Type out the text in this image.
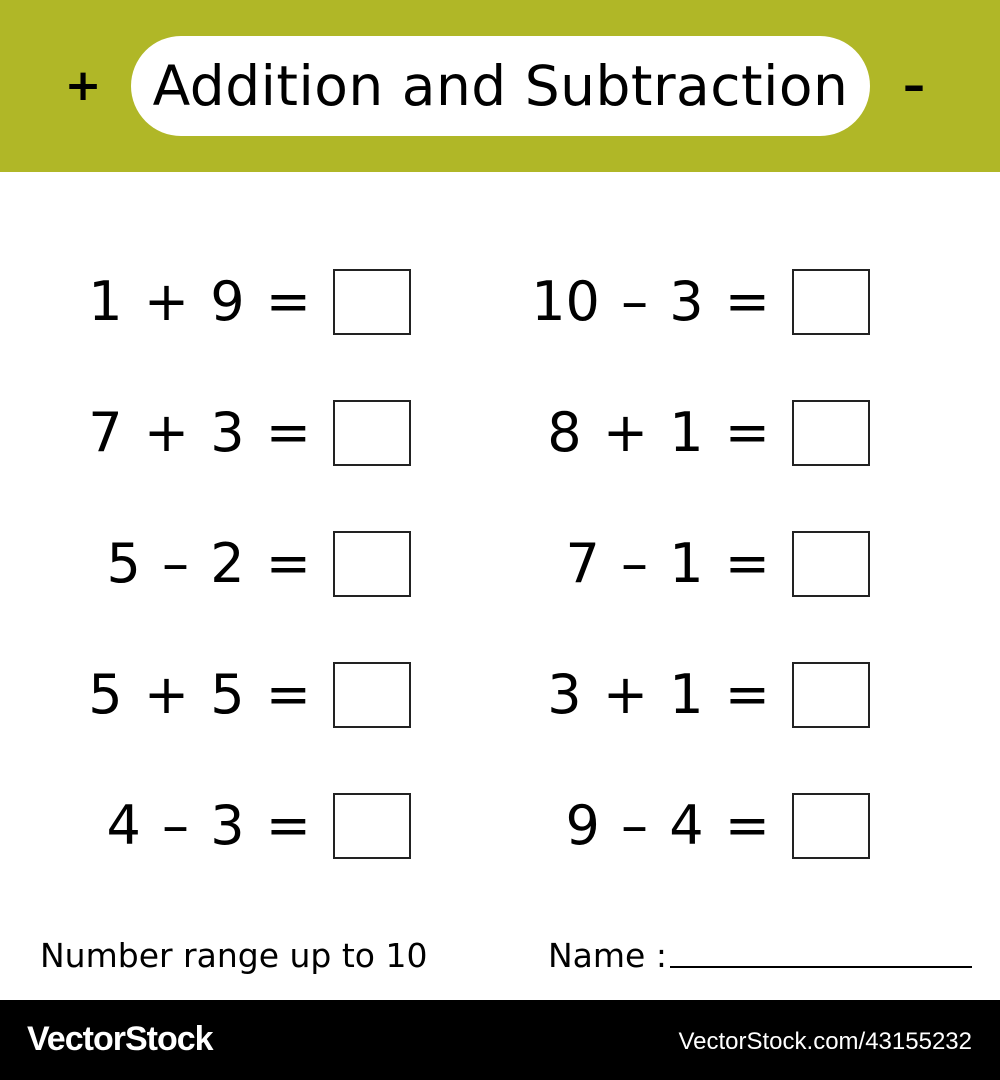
+ Addition and Subtraction –
1 + 9 =
7 + 3 =
5 – 2 =
5 + 5 =
4 – 3 =
10 – 3 =
8 + 1 =
7 – 1 =
3 + 1 =
9 – 4 =
Number range up to 10	Name :
VectorStock	VectorStock.com/43155232
